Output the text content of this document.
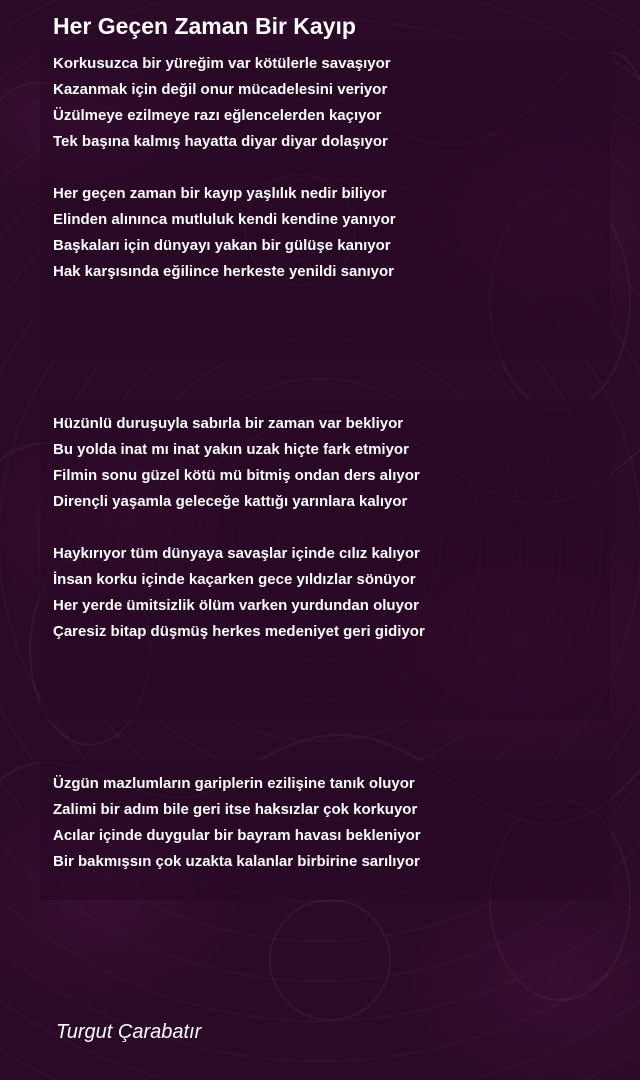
Her Geçen Zaman Bir Kayıp
Korkusuzca bir yüreğim var kötülerle savaşıyor
Kazanmak için değil onur mücadelesini veriyor
Üzülmeye ezilmeye razı eğlencelerden kaçıyor
Tek başına kalmış hayatta diyar diyar dolaşıyor
Her geçen zaman bir kayıp yaşlılık nedir biliyor
Elinden alınınca mutluluk kendi kendine yanıyor
Başkaları için dünyayı yakan bir gülüşe kanıyor
Hak karşısında eğilince herkeste yenildi sanıyor
Hüzünlü duruşuyla sabırla bir zaman var bekliyor
Bu yolda inat mı inat yakın uzak hiçte fark etmiyor
Filmin sonu güzel kötü mü bitmiş ondan ders alıyor
Dirençli yaşamla geleceğe kattığı yarınlara kalıyor
Haykırıyor tüm dünyaya savaşlar içinde cılız kalıyor
İnsan korku içinde kaçarken gece yıldızlar sönüyor
Her yerde ümitsizlik ölüm varken yurdundan oluyor
Çaresiz bitap düşmüş herkes medeniyet geri gidiyor
Üzgün mazlumların gariplerin ezilişine tanık oluyor
Zalimi bir adım bile geri itse haksızlar çok korkuyor
Acılar içinde duygular bir bayram havası bekleniyor
Bir bakmışsın çok uzakta kalanlar birbirine sarılıyor

Turgut Çarabatır
